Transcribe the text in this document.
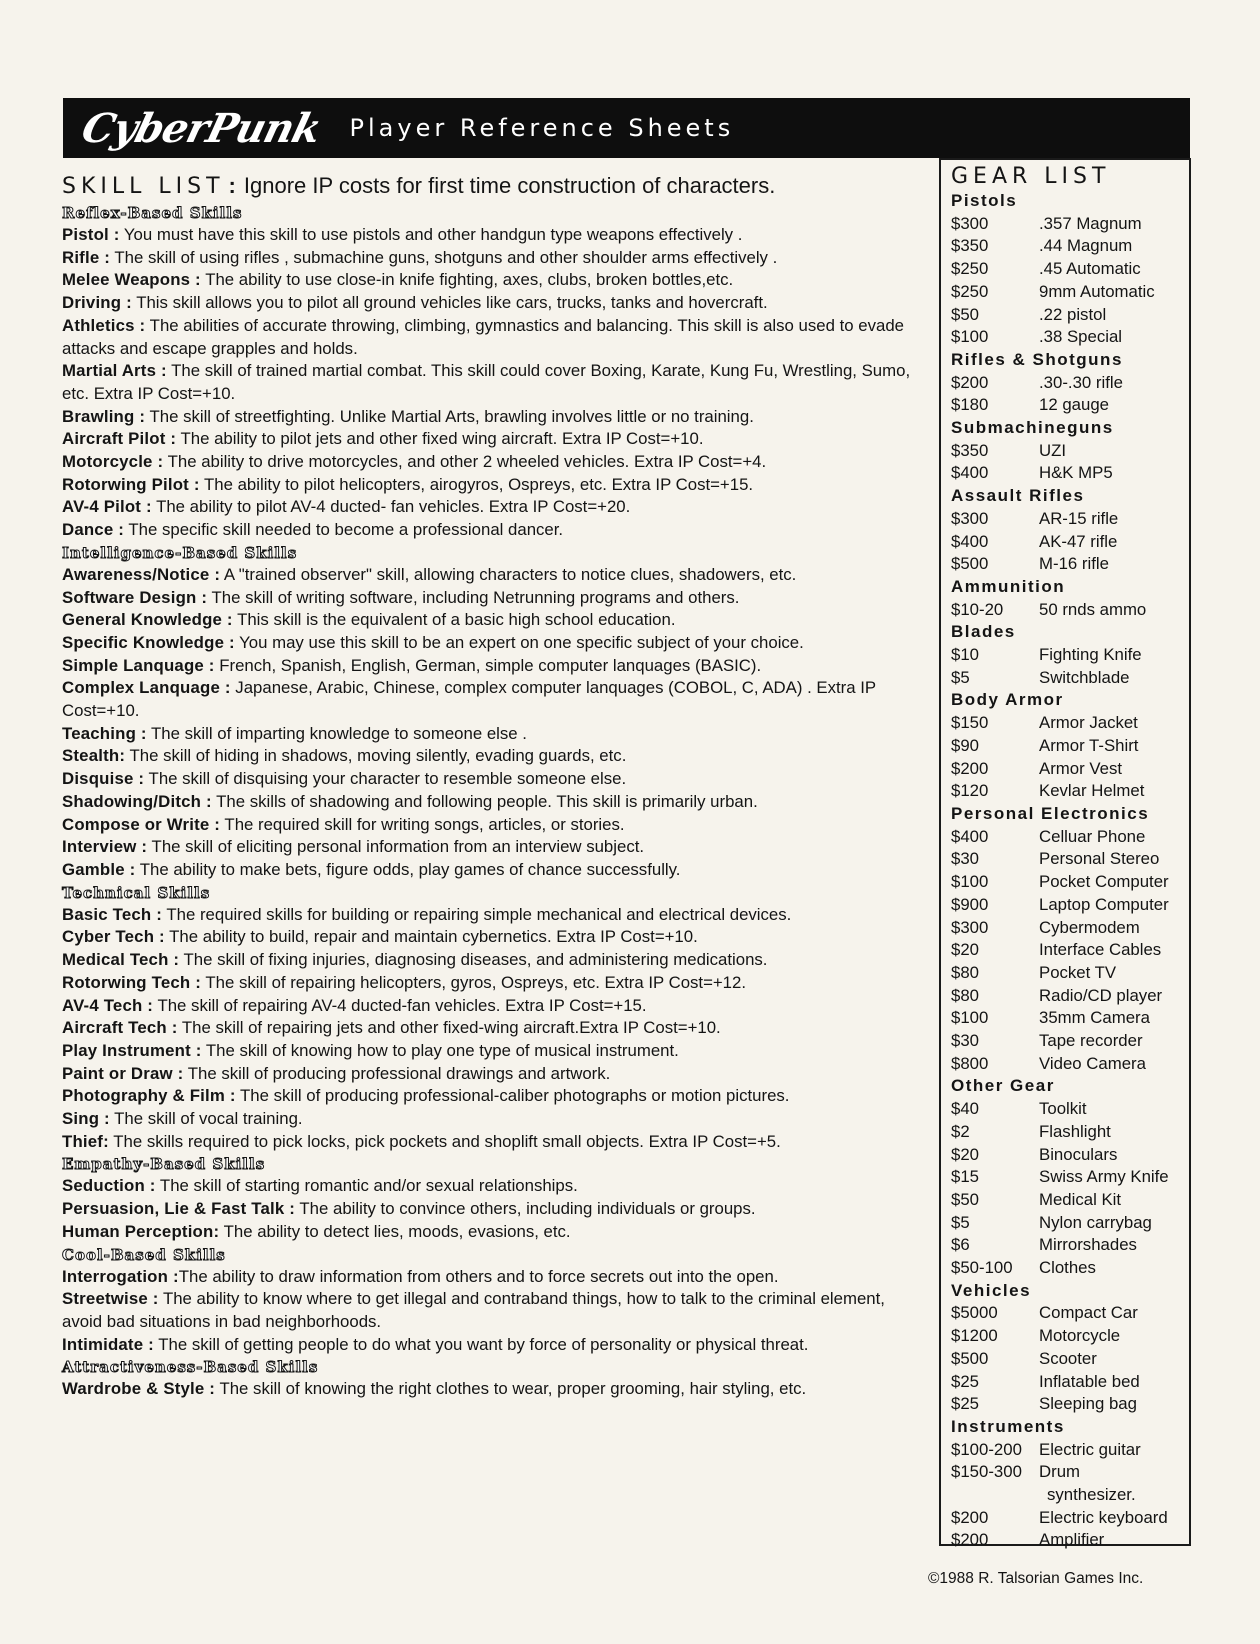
CyberPunk Player Reference Sheets
SKILL LIST : Ignore IP costs for first time construction of characters.
Reflex-Based Skills
Pistol : You must have this skill to use pistols and other handgun type weapons effectively .
Rifle : The skill of using rifles , submachine guns, shotguns and other shoulder arms effectively .
Melee Weapons : The ability to use close-in knife fighting, axes, clubs, broken bottles,etc.
Driving : This skill allows you to pilot all ground vehicles like cars, trucks, tanks and hovercraft.
Athletics : The abilities of accurate throwing, climbing, gymnastics and balancing. This skill is also used to evade attacks and escape grapples and holds.
Martial Arts : The skill of trained martial combat. This skill could cover Boxing, Karate, Kung Fu, Wrestling, Sumo, etc. Extra IP Cost=+10.
Brawling : The skill of streetfighting. Unlike Martial Arts, brawling involves little or no training.
Aircraft Pilot : The ability to pilot jets and other fixed wing aircraft. Extra IP Cost=+10.
Motorcycle : The ability to drive motorcycles, and other 2 wheeled vehicles. Extra IP Cost=+4.
Rotorwing Pilot : The ability to pilot helicopters, airogyros, Ospreys, etc. Extra IP Cost=+15.
AV-4 Pilot : The ability to pilot AV-4 ducted- fan vehicles. Extra IP Cost=+20.
Dance : The specific skill needed to become a professional dancer.
Intelligence-Based Skills
Awareness/Notice : A "trained observer" skill, allowing characters to notice clues, shadowers, etc.
Software Design : The skill of writing software, including Netrunning programs and others.
General Knowledge : This skill is the equivalent of a basic high school education.
Specific Knowledge : You may use this skill to be an expert on one specific subject of your choice.
Simple Lanquage : French, Spanish, English, German, simple computer lanquages (BASIC).
Complex Lanquage : Japanese, Arabic, Chinese, complex computer lanquages (COBOL, C, ADA) . Extra IP Cost=+10.
Teaching : The skill of imparting knowledge to someone else .
Stealth: The skill of hiding in shadows, moving silently, evading guards, etc.
Disquise : The skill of disquising your character to resemble someone else.
Shadowing/Ditch : The skills of shadowing and following people. This skill is primarily urban.
Compose or Write : The required skill for writing songs, articles, or stories.
Interview : The skill of eliciting personal information from an interview subject.
Gamble : The ability to make bets, figure odds, play games of chance successfully.
Technical Skills
Basic Tech : The required skills for building or repairing simple mechanical and electrical devices.
Cyber Tech : The ability to build, repair and maintain cybernetics. Extra IP Cost=+10.
Medical Tech : The skill of fixing injuries, diagnosing diseases, and administering medications.
Rotorwing Tech : The skill of repairing helicopters, gyros, Ospreys, etc. Extra IP Cost=+12.
AV-4 Tech : The skill of repairing AV-4 ducted-fan vehicles. Extra IP Cost=+15.
Aircraft Tech : The skill of repairing jets and other fixed-wing aircraft.Extra IP Cost=+10.
Play Instrument : The skill of knowing how to play one type of musical instrument.
Paint or Draw : The skill of producing professional drawings and artwork.
Photography & Film : The skill of producing professional-caliber photographs or motion pictures.
Sing : The skill of vocal training.
Thief: The skills required to pick locks, pick pockets and shoplift small objects. Extra IP Cost=+5.
Empathy-Based Skills
Seduction : The skill of starting romantic and/or sexual relationships.
Persuasion, Lie & Fast Talk : The ability to convince others, including individuals or groups.
Human Perception: The ability to detect lies, moods, evasions, etc.
Cool-Based Skills
Interrogation :The ability to draw information from others and to force secrets out into the open.
Streetwise : The ability to know where to get illegal and contraband things, how to talk to the criminal element, avoid bad situations in bad neighborhoods.
Intimidate : The skill of getting people to do what you want by force of personality or physical threat.
Attractiveness-Based Skills
Wardrobe & Style : The skill of knowing the right clothes to wear, proper grooming, hair styling, etc.
GEAR LIST
Pistols
$300	.357 Magnum
$350	.44 Magnum
$250	.45 Automatic
$250	9mm Automatic
$50	.22 pistol
$100	.38 Special
Rifles & Shotguns
$200	.30-.30 rifle
$180	12 gauge
Submachineguns
$350	UZI
$400	H&K MP5
Assault Rifles
$300	AR-15 rifle
$400	AK-47 rifle
$500	M-16 rifle
Ammunition
$10-20	50 rnds ammo
Blades
$10	Fighting Knife
$5	Switchblade
Body Armor
$150	Armor Jacket
$90	Armor T-Shirt
$200	Armor Vest
$120	Kevlar Helmet
Personal Electronics
$400	Celluar Phone
$30	Personal Stereo
$100	Pocket Computer
$900	Laptop Computer
$300	Cybermodem
$20	Interface Cables
$80	Pocket TV
$80	Radio/CD player
$100	35mm Camera
$30	Tape recorder
$800	Video Camera
Other Gear
$40	Toolkit
$2	Flashlight
$20	Binoculars
$15	Swiss Army Knife
$50	Medical Kit
$5	Nylon carrybag
$6	Mirrorshades
$50-100	Clothes
Vehicles
$5000	Compact Car
$1200	Motorcycle
$500	Scooter
$25	Inflatable bed
$25	Sleeping bag
Instruments
$100-200	Electric guitar
$150-300	Drum
synthesizer.
$200	Electric keyboard
$200	Amplifier
©1988 R. Talsorian Games Inc.
